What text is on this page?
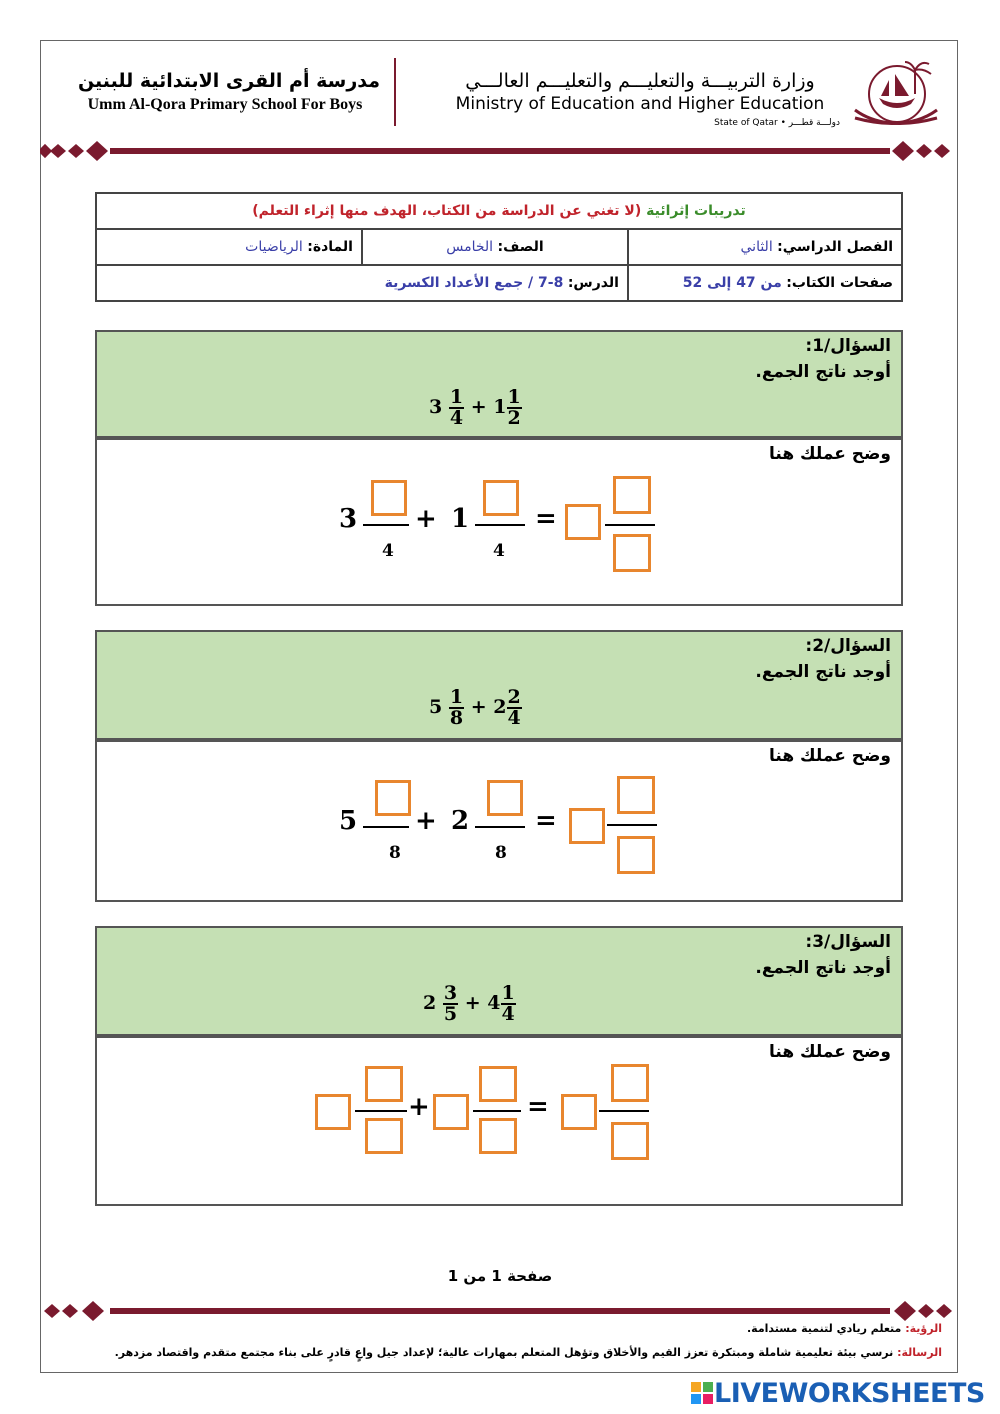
مدرسة أم القرى الابتدائية للبنين
Umm Al-Qora Primary School For Boys
وزارة التربيـــة والتعليـــم والتعليـــم العالـــي
Ministry of Education and Higher Education
State of Qatar • دولـــة قطـــر
تدريبات إثرائية (لا تغني عن الدراسة من الكتاب، الهدف منها إثراء التعلم)		
المادة: الرياضيات	الصف: الخامس	الفصل الدراسي: الثاني
الدرس: 8-7 / جمع الأعداد الكسرية		صفحات الكتاب: من 47 إلى 52
السؤال/1:
أوجد ناتج الجمع.
$3 \frac{1}{4} + 1 \frac{1}{2}$
وضح عملك هنا
3
4
+ 1
4
=
السؤال/2:
أوجد ناتج الجمع.
$5 \frac{1}{8} + 2 \frac{2}{4}$
وضح عملك هنا
5
8
+ 2
8
=
السؤال/3:
أوجد ناتج الجمع.
$2 \frac{3}{5} + 4 \frac{1}{4}$
وضح عملك هنا
+	=
صفحة 1 من 1
الرؤية: متعلم ريادي لتنمية مستدامة.
الرسالة: نرسي بيئة تعليمية شاملة ومبتكرة تعزز القيم والأخلاق وتؤهل المتعلم بمهارات عالية؛ لإعداد جيل واعٍ قادرٍ على بناء مجتمع متقدم واقتصاد مزدهر.
LIVEWORKSHEETS
